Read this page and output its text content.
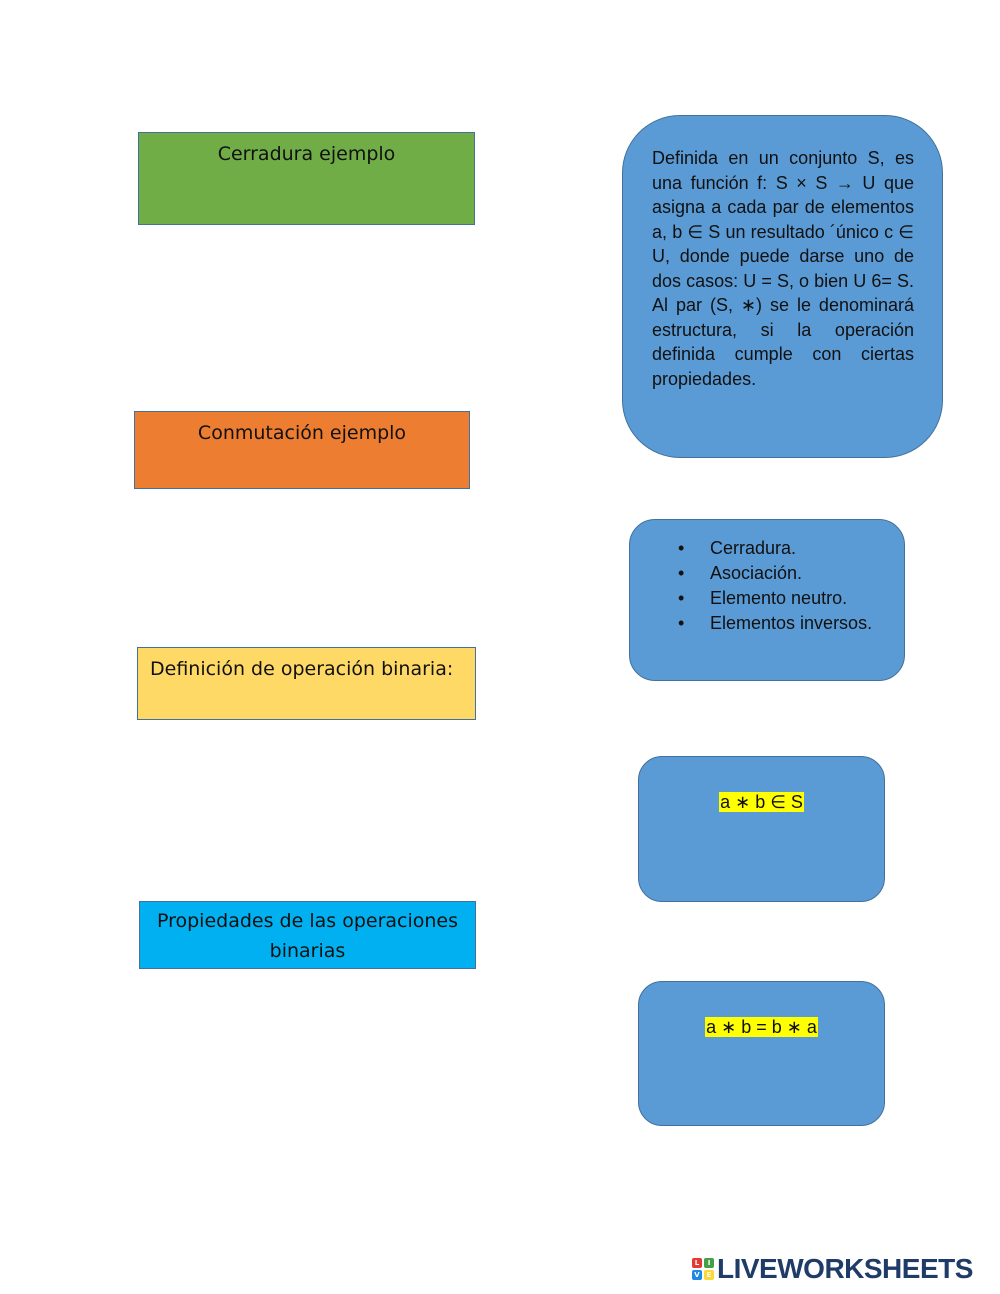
Cerradura ejemplo
Conmutación ejemplo
Definición de operación binaria:
Propiedades de las operaciones binarias
Definida en un conjunto S, es una función f: S × S → U que asigna a cada par de elementos a, b ∈ S un resultado ´único c ∈ U, donde puede darse uno de dos casos: U = S, o bien U 6= S. Al par (S, ∗) se le denominará estructura, si la operación definida cumple con ciertas propiedades.
• Cerradura.
• Asociación.
• Elemento neutro.
• Elementos inversos.
a ∗ b ∈ S
a ∗ b = b ∗ a
L	I
V E LIVEWORKSHEETS
